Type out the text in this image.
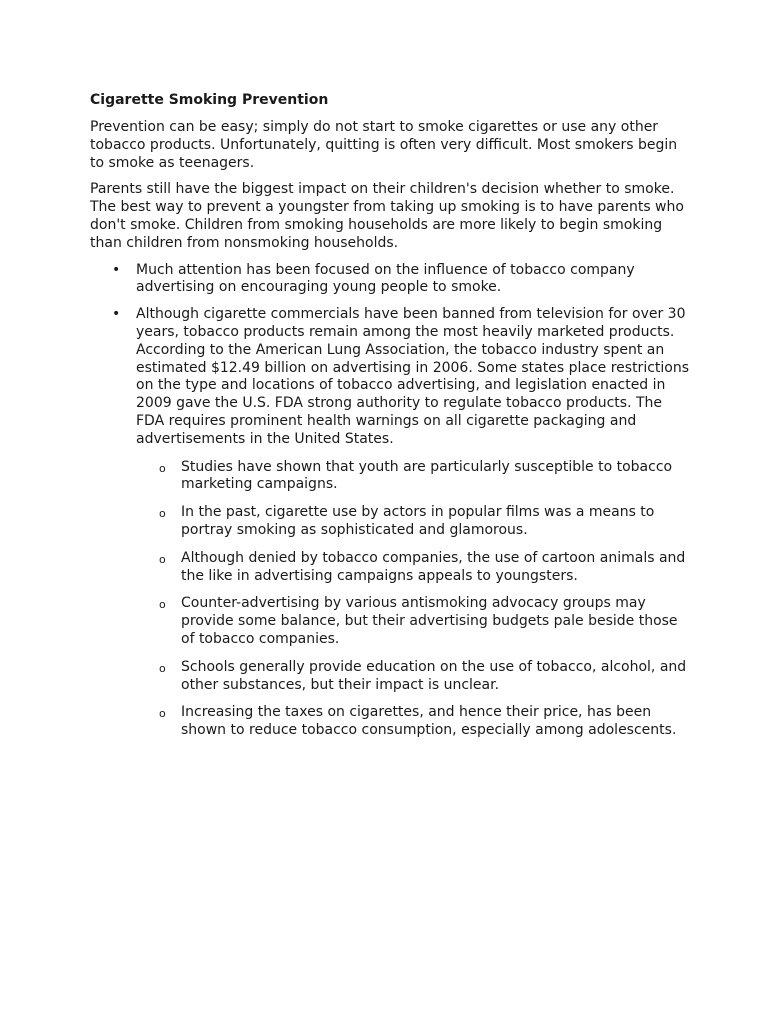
Cigarette Smoking Prevention

Prevention can be easy; simply do not start to smoke cigarettes or use any other tobacco products. Unfortunately, quitting is often very difficult. Most smokers begin to smoke as teenagers.

Parents still have the biggest impact on their children's decision whether to smoke. The best way to prevent a youngster from taking up smoking is to have parents who don't smoke. Children from smoking households are more likely to begin smoking than children from nonsmoking households.

• Much attention has been focused on the influence of tobacco company advertising on encouraging young people to smoke.
• Although cigarette commercials have been banned from television for over 30 years, tobacco products remain among the most heavily marketed products. According to the American Lung Association, the tobacco industry spent an estimated $12.49 billion on advertising in 2006. Some states place restrictions on the type and locations of tobacco advertising, and legislation enacted in 2009 gave the U.S. FDA strong authority to regulate tobacco products. The FDA requires prominent health warnings on all cigarette packaging and advertisements in the United States.
o Studies have shown that youth are particularly susceptible to tobacco marketing campaigns.
o In the past, cigarette use by actors in popular films was a means to portray smoking as sophisticated and glamorous.
o Although denied by tobacco companies, the use of cartoon animals and the like in advertising campaigns appeals to youngsters.
o Counter-advertising by various antismoking advocacy groups may provide some balance, but their advertising budgets pale beside those of tobacco companies.
o Schools generally provide education on the use of tobacco, alcohol, and other substances, but their impact is unclear.
o Increasing the taxes on cigarettes, and hence their price, has been shown to reduce tobacco consumption, especially among adolescents.
